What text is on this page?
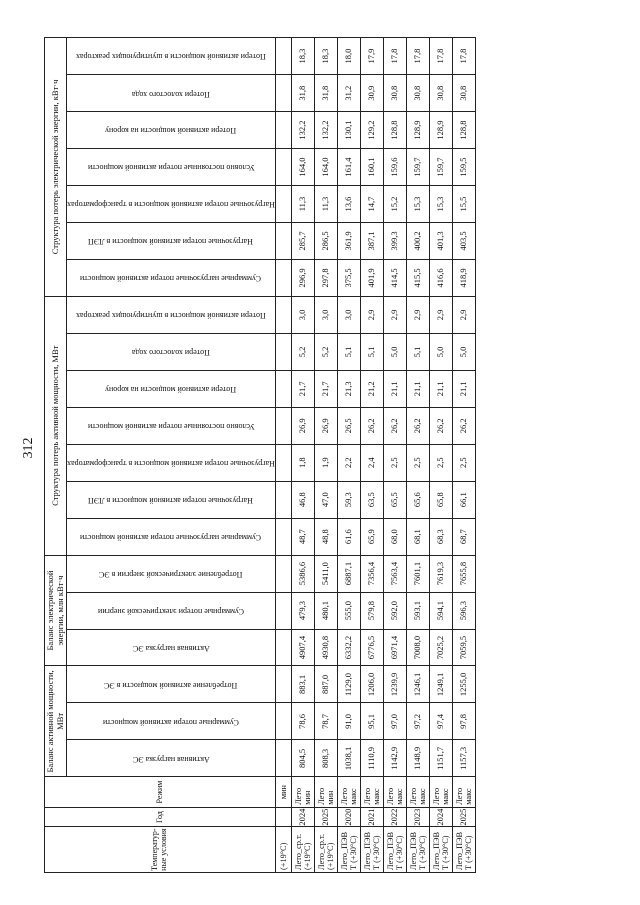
312
Температур-ные условия	Год	Режим	Баланс активной мощности, МВт			Баланс электрической энергии, млн кВт·ч			Структура потерь активной мощности, МВт							Структура потерь электрической энергии, кВт·ч						

			Активная нагрузка ЭС	Суммарные потери активной мощности	Потребление активной мощности в ЭС	Активная нагрузка ЭС	Суммарные потери электрической энергии	Потребление электрической энергии в ЭС	Суммарные нагрузочные потери активной мощности	Нагрузочные потери активной мощности в ЛЭП	Нагрузочные потери активной мощности в трансформаторах	Условно постоянные потери активной мощности	Потери активной мощности на корону	Потери холостого хода	Потери активной мощности в шунтирующих реакторах	Суммарные нагрузочные потери активной мощности	Нагрузочные потери активной мощности в ЛЭП	Нагрузочные потери активной мощности в трансформаторах	Условно постоянные потери активной мощности	Потери активной мощности на корону	Потери холостого хода	Потери активной мощности в шунтирующих реакторах

(+19°С)		мин																				
Лето_ср.т. (+19°С)	2024	Лето мин	804,5	78,6	883,1	4907,4	479,3	5386,6	48,7	46,8	1,8	26,9	21,7	5,2	3,0	296,9	285,7	11,3	164,0	132,2	31,8	18,3
Лето_ср.т. (+19°С)	2025	Лето мин	808,3	78,7	887,0	4930,8	480,1	5411,0	48,8	47,0	1,9	26,9	21,7	5,2	3,0	297,8	286,5	11,3	164,0	132,2	31,8	18,3
Лето_ПЭВ Т (+30°С)	2020	Лето макс	1038,1	91,0	1129,0	6332,2	555,0	6887,1	61,6	59,3	2,2	26,5	21,3	5,1	3,0	375,5	361,9	13,6	161,4	130,1	31,2	18,0
Лето_ПЭВ Т (+30°С)	2021	Лето макс	1110,9	95,1	1206,0	6776,5	579,8	7356,4	65,9	63,5	2,4	26,2	21,2	5,1	2,9	401,9	387,1	14,7	160,1	129,2	30,9	17,9
Лето_ПЭВ Т (+30°С)	2022	Лето макс	1142,9	97,0	1239,9	6971,4	592,0	7563,4	68,0	65,5	2,5	26,2	21,1	5,0	2,9	414,5	399,3	15,2	159,6	128,8	30,8	17,8
Лето_ПЭВ Т (+30°С)	2023	Лето макс	1148,9	97,2	1246,1	7008,0	593,1	7601,1	68,1	65,6	2,5	26,2	21,1	5,1	2,9	415,5	400,2	15,3	159,7	128,9	30,8	17,8
Лето_ПЭВ Т (+30°С)	2024	Лето макс	1151,7	97,4	1249,1	7025,2	594,1	7619,3	68,3	65,8	2,5	26,2	21,1	5,0	2,9	416,6	401,3	15,3	159,7	128,9	30,8	17,8
Лето_ПЭВ Т (+30°С)	2025	Лето макс	1157,3	97,8	1255,0	7059,5	596,3	7655,8	68,7	66,1	2,5	26,2	21,1	5,0	2,9	418,9	403,5	15,5	159,5	128,8	30,8	17,8
